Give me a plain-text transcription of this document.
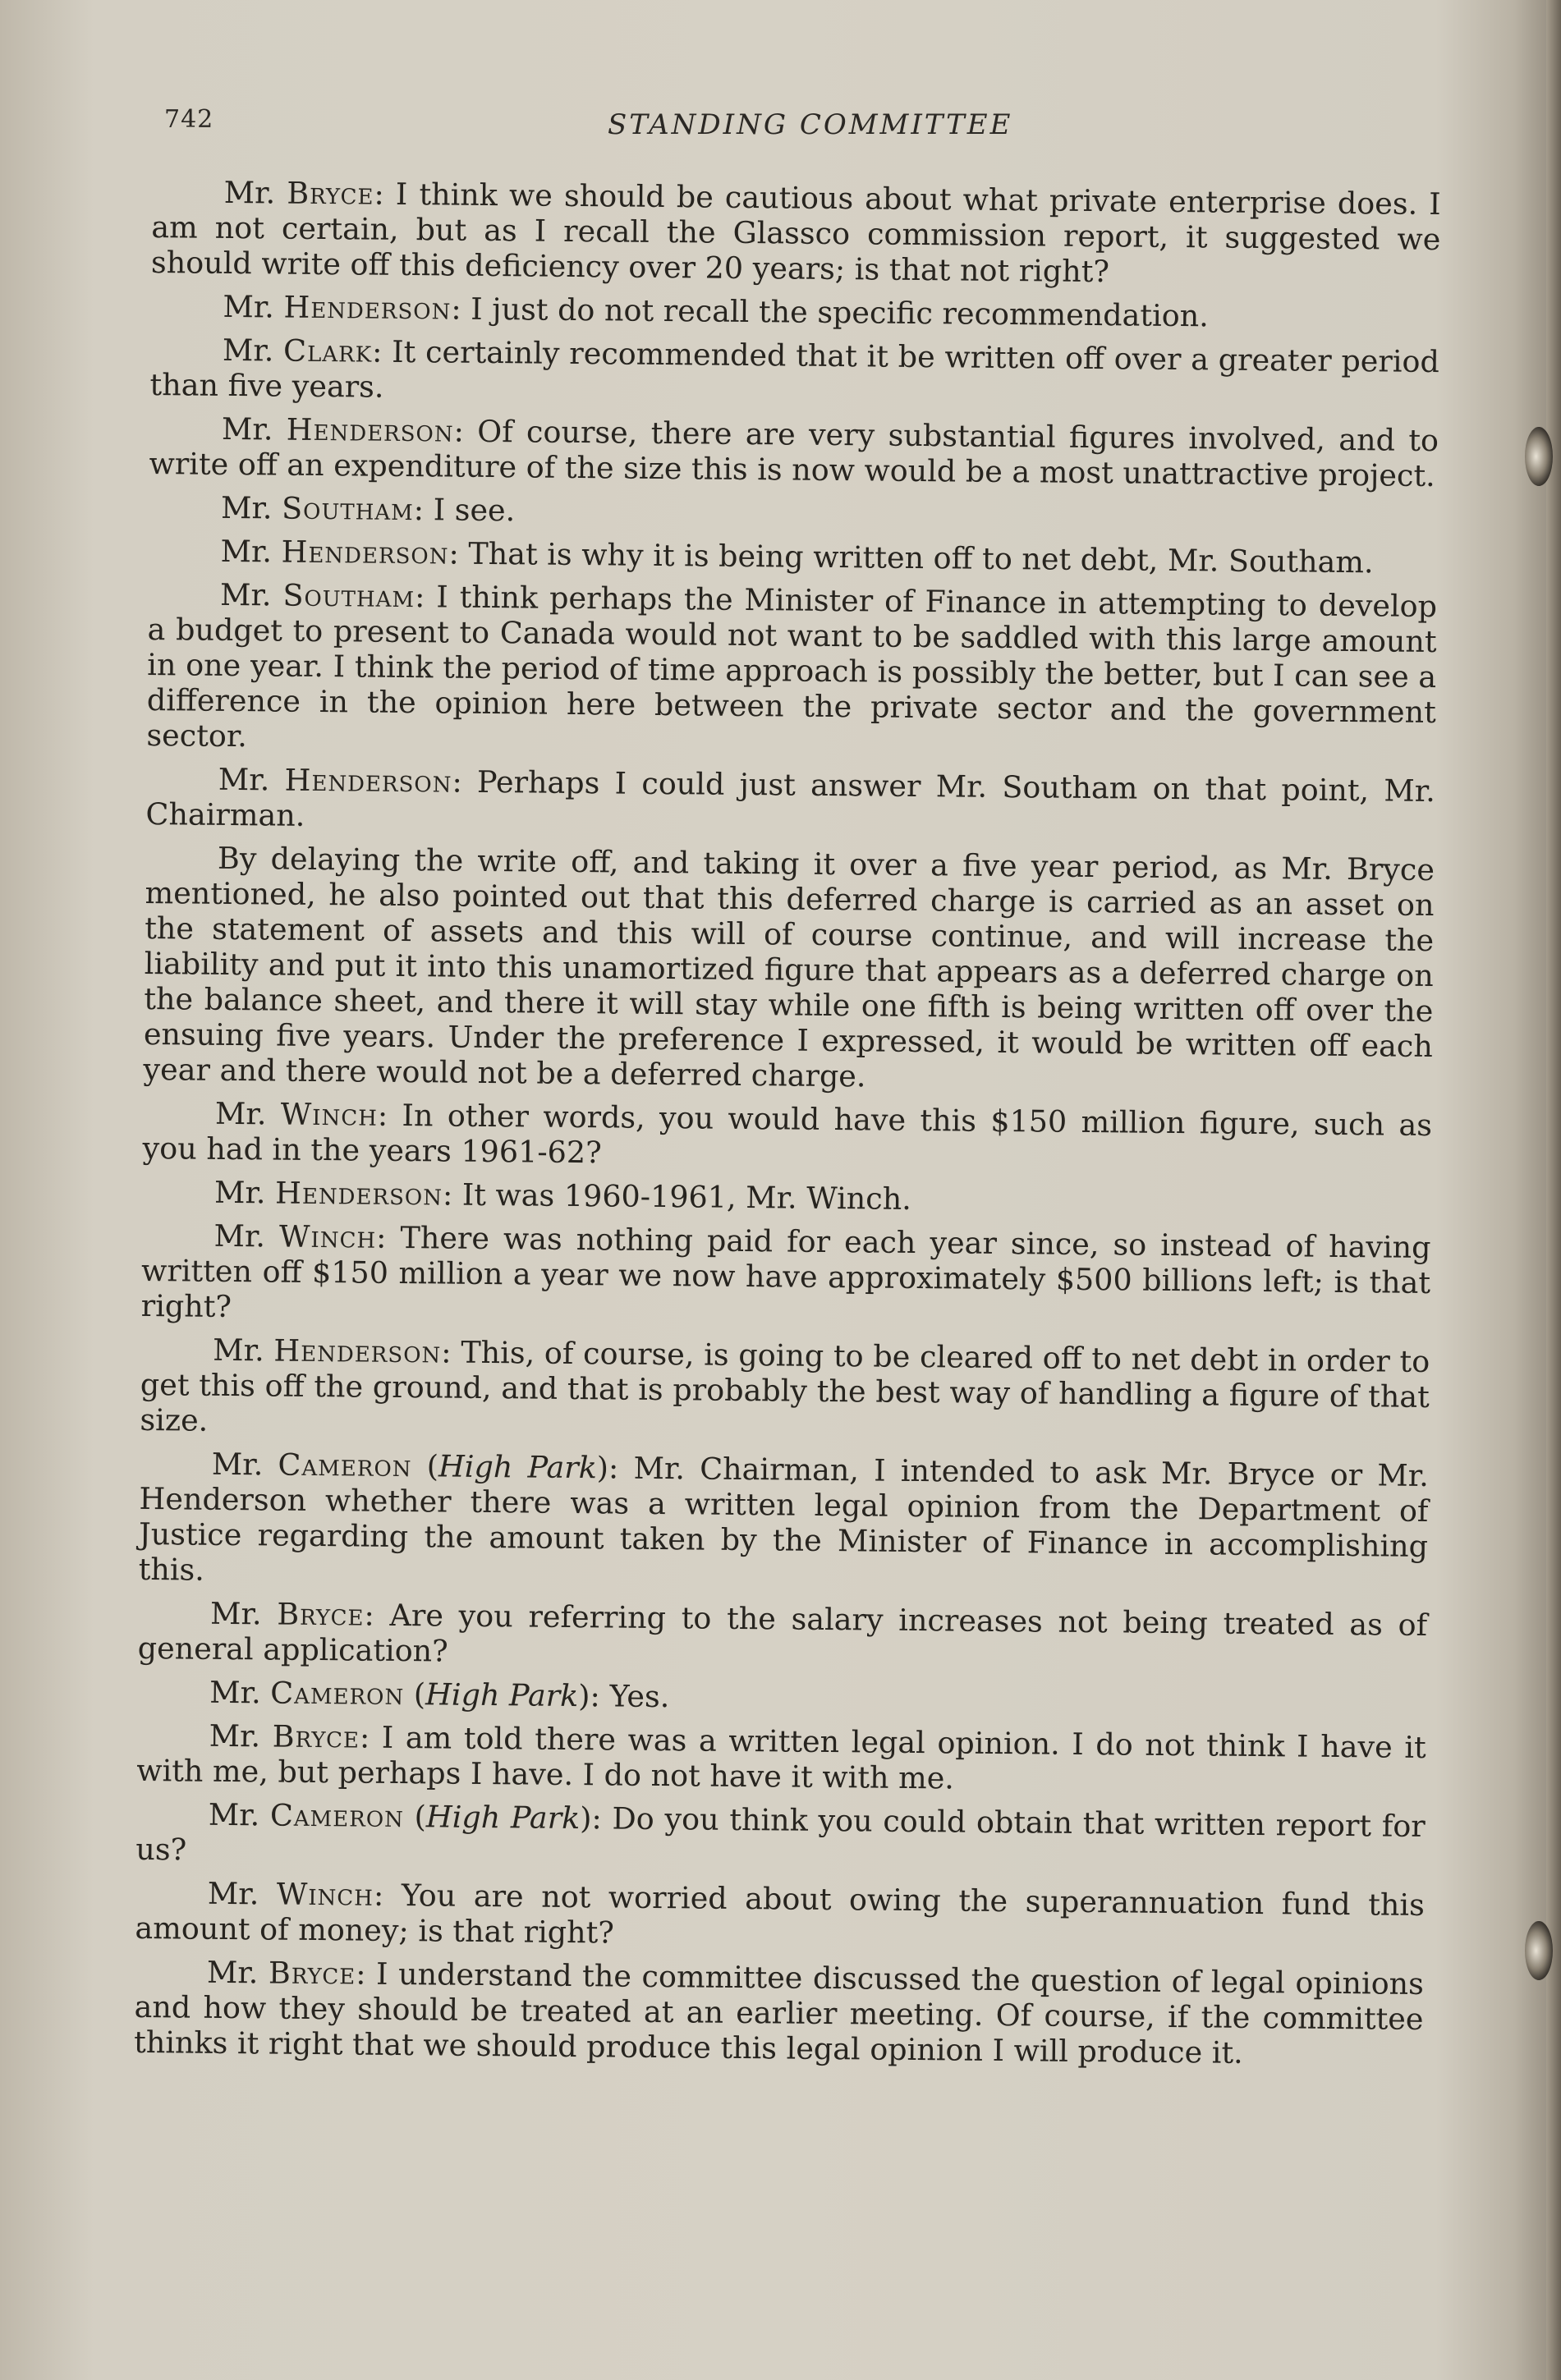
742	STANDING COMMITTEE

Mr. Bryce: I think we should be cautious about what private enterprise does. I am not certain, but as I recall the Glassco commission report, it suggested we should write off this deficiency over 20 years; is that not right?

Mr. Henderson: I just do not recall the specific recommendation.

Mr. Clark: It certainly recommended that it be written off over a greater period than five years.

Mr. Henderson: Of course, there are very substantial figures involved, and to write off an expenditure of the size this is now would be a most unattractive project.

Mr. Southam: I see.

Mr. Henderson: That is why it is being written off to net debt, Mr. Southam.

Mr. Southam: I think perhaps the Minister of Finance in attempting to develop a budget to present to Canada would not want to be saddled with this large amount in one year. I think the period of time approach is possibly the better, but I can see a difference in the opinion here between the private sector and the government sector.

Mr. Henderson: Perhaps I could just answer Mr. Southam on that point, Mr. Chairman.

By delaying the write off, and taking it over a five year period, as Mr. Bryce mentioned, he also pointed out that this deferred charge is carried as an asset on the statement of assets and this will of course continue, and will increase the liability and put it into this unamortized figure that appears as a deferred charge on the balance sheet, and there it will stay while one fifth is being written off over the ensuing five years. Under the preference I expressed, it would be written off each year and there would not be a deferred charge.

Mr. Winch: In other words, you would have this $150 million figure, such as you had in the years 1961-62?

Mr. Henderson: It was 1960-1961, Mr. Winch.

Mr. Winch: There was nothing paid for each year since, so instead of having written off $150 million a year we now have approximately $500 billions left; is that right?

Mr. Henderson: This, of course, is going to be cleared off to net debt in order to get this off the ground, and that is probably the best way of handling a figure of that size.

Mr. Cameron (High Park): Mr. Chairman, I intended to ask Mr. Bryce or Mr. Henderson whether there was a written legal opinion from the Department of Justice regarding the amount taken by the Minister of Finance in accomplishing this.

Mr. Bryce: Are you referring to the salary increases not being treated as of general application?

Mr. Cameron (High Park): Yes.

Mr. Bryce: I am told there was a written legal opinion. I do not think I have it with me, but perhaps I have. I do not have it with me.

Mr. Cameron (High Park): Do you think you could obtain that written report for us?

Mr. Winch: You are not worried about owing the superannuation fund this amount of money; is that right?

Mr. Bryce: I understand the committee discussed the question of legal opinions and how they should be treated at an earlier meeting. Of course, if the committee thinks it right that we should produce this legal opinion I will produce it.
